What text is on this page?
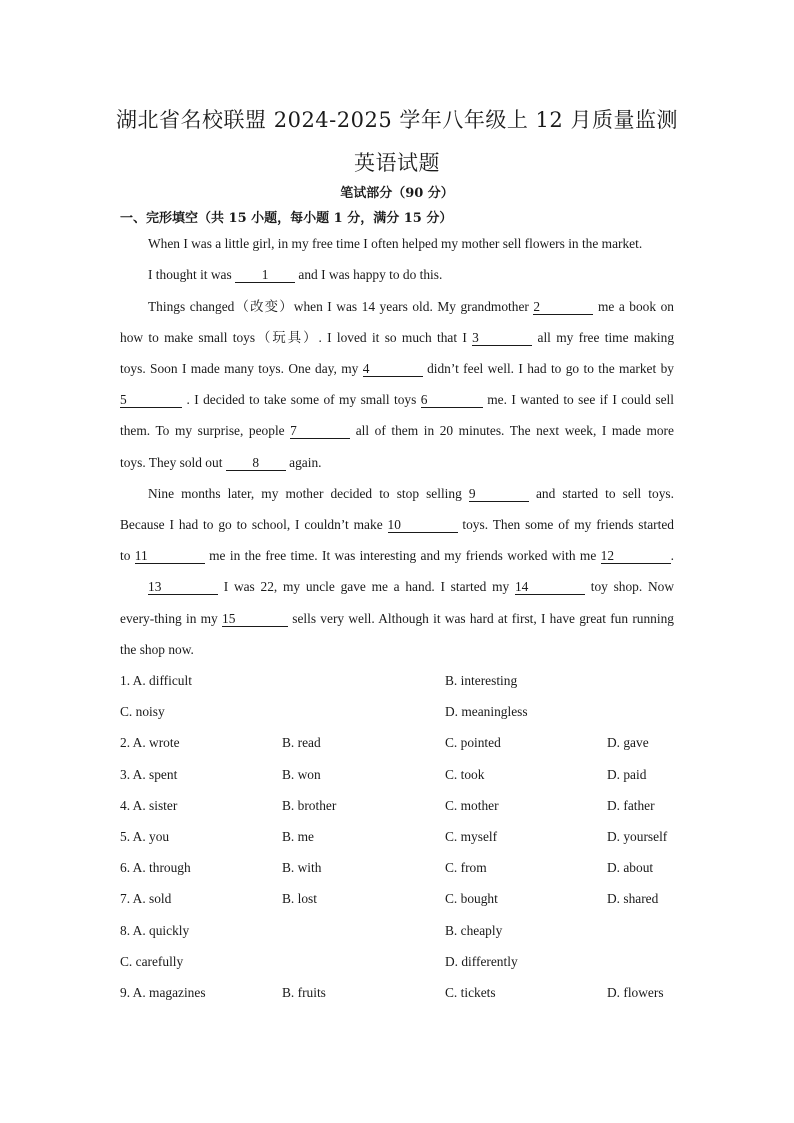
湖北省名校联盟 2024-2025 学年八年级上 12 月质量监测
英语试题
笔试部分（90 分）
一、完形填空（共 15 小题，每小题 1 分，满分 15 分）
When I was a little girl, in my free time I often helped my mother sell flowers in the market.
I thought it was 1 and I was happy to do this.
Things changed（改变）when I was 14 years old. My grandmother 2	me a book on
how to make small toys（玩具）. I loved it so much that I 3	all my free time making
toys. Soon I made many toys. One day, my 4	didn’t feel well. I had to go to the market by
5	. I decided to take some of my small toys 6	me. I wanted to see if I could sell
them. To my surprise, people 7	all of them in 20 minutes. The next week, I made more
toys. They sold out 8 again.
Nine months later, my mother decided to stop selling 9	and started to sell toys.
Because I had to go to school, I couldn’t make 10	toys. Then some of my friends started
to 11	me in the free time. It was interesting and my friends worked with me 12	.
13	I was 22, my uncle gave me a hand. I started my 14	toy shop. Now
every-thing in my 15	sells very well. Although it was hard at first, I have great fun running
the shop now.
1. A. difficult	B. interesting
C. noisy	D. meaningless
2. A. wrote	B. read	C. pointed	D. gave
3. A. spent	B. won	C. took	D. paid
4. A. sister	B. brother	C. mother	D. father
5. A. you	B. me	C. myself	D. yourself
6. A. through	B. with	C. from	D. about
7. A. sold	B. lost	C. bought	D. shared
8. A. quickly	B. cheaply
C. carefully	D. differently
9. A. magazines	B. fruits	C. tickets	D. flowers
